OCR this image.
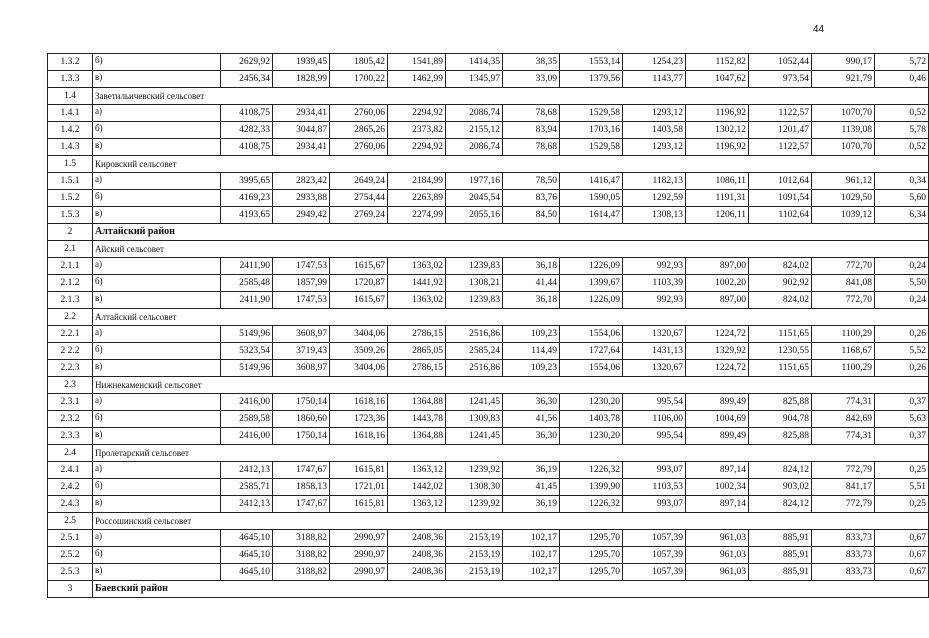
44
1.3.2	б)	2629,92	1939,45	1805,42	1541,89	1414,35	38,35	1553,14	1254,23	1152,82	1052,44	990,17	5,72
1.3.3	в)	2456,34	1828,99	1700,22	1462,99	1345,97	33,09	1379,56	1143,77	1047,62	973,54	921,79	0,46
1.4	Заветильичевский сельсовет												
1.4.1	а)	4108,75	2934,41	2760,06	2294,92	2086,74	78,68	1529,58	1293,12	1196,92	1122,57	1070,70	0,52
1.4.2	б)	4282,33	3044,87	2865,26	2373,82	2155,12	83,94	1703,16	1403,58	1302,12	1201,47	1139,08	5,78
1.4.3	в)	4108,75	2934,41	2760,06	2294,92	2086,74	78,68	1529,58	1293,12	1196,92	1122,57	1070,70	0,52
1.5	Кировский сельсовет												
1.5.1	а)	3995,65	2823,42	2649,24	2184,99	1977,16	78,50	1416,47	1182,13	1086,11	1012,64	961,12	0,34
1.5.2	б)	4169,23	2933,88	2754,44	2263,89	2045,54	83,76	1590,05	1292,59	1191,31	1091,54	1029,50	5,60
1.5.3	в)	4193,65	2949,42	2769,24	2274,99	2055,16	84,50	1614,47	1308,13	1206,11	1102,64	1039,12	6,34
2	Алтайский район												
2.1	Айский сельсовет												
2.1.1	а)	2411,90	1747,53	1615,67	1363,02	1239,83	36,18	1226,09	992,93	897,00	824,02	772,70	0,24
2.1.2	б)	2585,48	1857,99	1720,87	1441,92	1308,21	41,44	1399,67	1103,39	1002,20	902,92	841,08	5,50
2.1.3	в)	2411,90	1747,53	1615,67	1363,02	1239,83	36,18	1226,09	992,93	897,00	824,02	772,70	0,24
2.2	Алтайский сельсовет												
2.2.1	а)	5149,96	3608,97	3404,06	2786,15	2516,86	109,23	1554,06	1320,67	1224,72	1151,65	1100,29	0,26
2 2.2	б)	5323,54	3719,43	3509,26	2865,05	2585,24	114,49	1727,64	1431,13	1329,92	1230,55	1168,67	5,52
2.2.3	в)	5149,96	3608,97	3404,06	2786,15	2516,86	109,23	1554,06	1320,67	1224,72	1151,65	1100,29	0,26
2.3	Нижнекаменский сельсовет												
2.3.1	а)	2416,00	1750,14	1618,16	1364,88	1241,45	36,30	1230,20	995,54	899,49	825,88	774,31	0,37
2.3.2	б)	2589,58	1860,60	1723,36	1443,78	1309,83	41,56	1403,78	1106,00	1004,69	904,78	842,69	5,63
2.3.3	в)	2416,00	1750,14	1618,16	1364,88	1241,45	36,30	1230,20	995,54	899,49	825,88	774,31	0,37
2.4	Пролетарский сельсовет												
2.4.1	а)	2412,13	1747,67	1615,81	1363,12	1239,92	36,19	1226,32	993,07	897,14	824,12	772,79	0,25
2.4.2	б)	2585,71	1858,13	1721,01	1442,02	1308,30	41,45	1399,90	1103,53	1002,34	903,02	841,17	5,51
2.4.3	в)	2412,13	1747,67	1615,81	1363,12	1239,92	36,19	1226,32	993,07	897,14	824,12	772,79	0,25
2.5	Россошинский сельсовет												
2.5.1	а)	4645,10	3188,82	2990,97	2408,36	2153,19	102,17	1295,70	1057,39	961,03	885,91	833,73	0,67
2.5.2	б)	4645,10	3188,82	2990,97	2408,36	2153,19	102,17	1295,70	1057,39	961,03	885,91	833,73	0,67
2.5.3	в)	4645,10	3188,82	2990,97	2408,36	2153,19	102,17	1295,70	1057,39	961,03	885,91	833,73	0,67
3	Баевский район												
